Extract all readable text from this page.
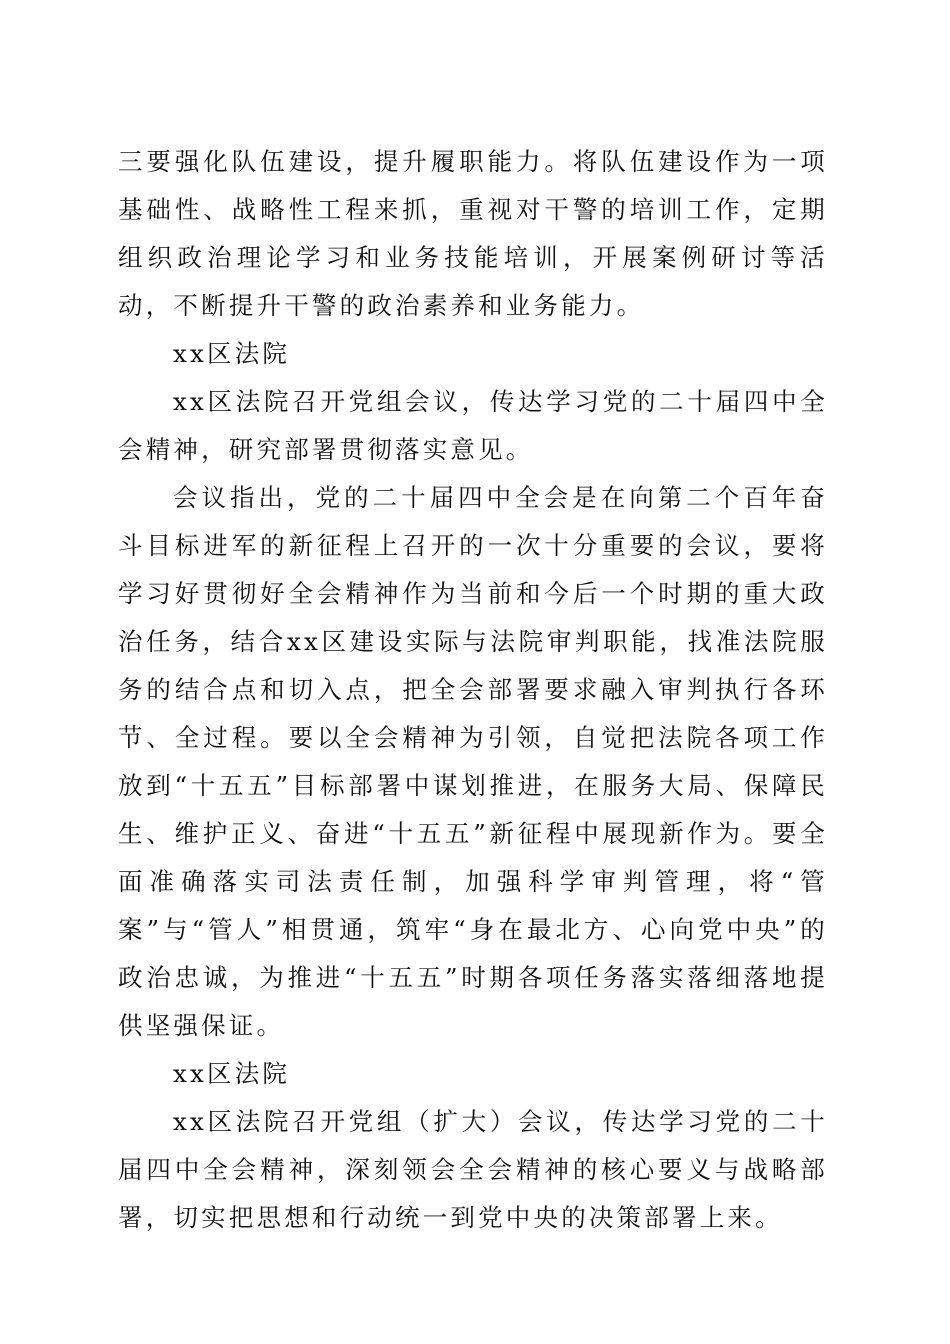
三要强化队伍建设，提升履职能力。将队伍建设作为一项基础性、战略性工程来抓，重视对干警的培训工作，定期组织政治理论学习和业务技能培训，开展案例研讨等活动，不断提升干警的政治素养和业务能力。

xx区法院

xx区法院召开党组会议，传达学习党的二十届四中全会精神，研究部署贯彻落实意见。

会议指出，党的二十届四中全会是在向第二个百年奋斗目标进军的新征程上召开的一次十分重要的会议，要将学习好贯彻好全会精神作为当前和今后一个时期的重大政治任务，结合xx区建设实际与法院审判职能，找准法院服务的结合点和切入点，把全会部署要求融入审判执行各环节、全过程。要以全会精神为引领，自觉把法院各项工作放到“十五五”目标部署中谋划推进，在服务大局、保障民生、维护正义、奋进“十五五”新征程中展现新作为。要全面准确落实司法责任制，加强科学审判管理，将“管案”与“管人”相贯通，筑牢“身在最北方、心向党中央”的政治忠诚，为推进“十五五”时期各项任务落实落细落地提供坚强保证。

xx区法院

xx区法院召开党组（扩大）会议，传达学习党的二十届四中全会精神，深刻领会全会精神的核心要义与战略部署，切实把思想和行动统一到党中央的决策部署上来。
